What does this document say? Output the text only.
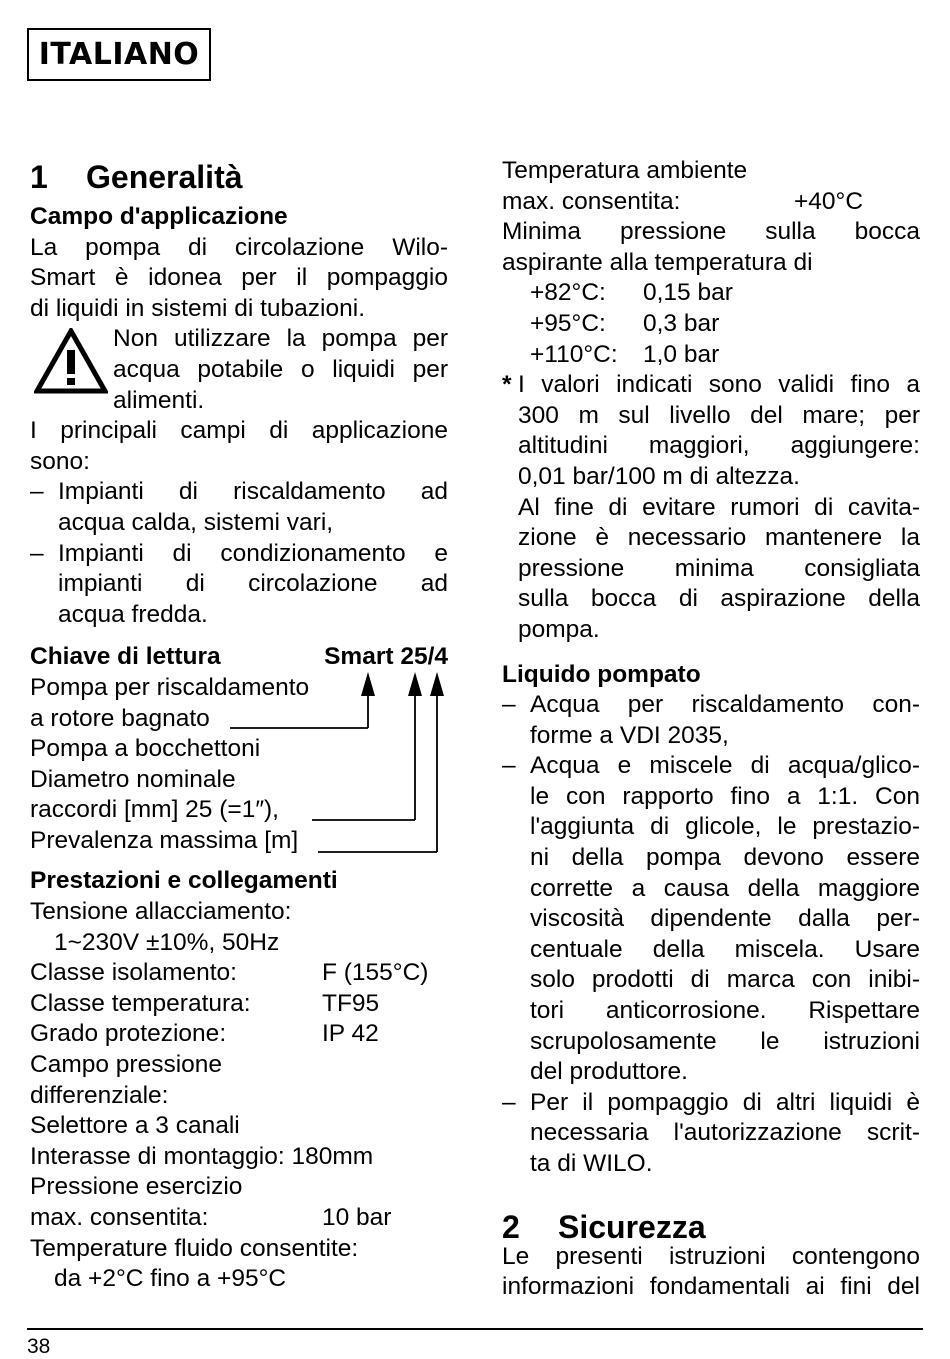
ITALIANO
1 Generalità
Campo d'applicazione
La pompa di circolazione Wilo-
Smart è idonea per il pompaggio
di liquidi in sistemi di tubazioni.
Non utilizzare la pompa per
acqua potabile o liquidi per
alimenti.
I principali campi di applicazione
sono:
– Impianti di riscaldamento ad
acqua calda, sistemi vari,
– Impianti di condizionamento e
impianti di circolazione ad
acqua fredda.
Chiave di lettura	Smart 25/4
Pompa per riscaldamento
a rotore bagnato
Pompa a bocchettoni
Diametro nominale
raccordi [mm] 25 (=1″),
Prevalenza massima [m]
Prestazioni e collegamenti
Tensione allacciamento:
1~230V ±10%, 50Hz
Classe isolamento:	F (155°C)
Classe temperatura:	TF95
Grado protezione:	IP 42
Campo pressione
differenziale:
Selettore a 3 canali
Interasse di montaggio: 180mm
Pressione esercizio
max. consentita:	10 bar
Temperature fluido consentite:
da +2°C fino a +95°C
Temperatura ambiente
max. consentita:	+40°C
Minima pressione sulla bocca
aspirante alla temperatura di
+82°C:	0,15 bar
+95°C:	0,3 bar
+110°C:	1,0 bar
* I valori indicati sono validi fino a
300 m sul livello del mare; per
altitudini maggiori, aggiungere:
0,01 bar/100 m di altezza.
Al fine di evitare rumori di cavita-
zione è necessario mantenere la
pressione minima consigliata
sulla bocca di aspirazione della
pompa.
Liquido pompato
– Acqua per riscaldamento con-
forme a VDI 2035,
– Acqua e miscele di acqua/glico-
le con rapporto fino a 1:1. Con
l'aggiunta di glicole, le prestazio-
ni della pompa devono essere
corrette a causa della maggiore
viscosità dipendente dalla per-
centuale della miscela. Usare
solo prodotti di marca con inibi-
tori anticorrosione. Rispettare
scrupolosamente le istruzioni
del produttore.
– Per il pompaggio di altri liquidi è
necessaria l'autorizzazione scrit-
ta di WILO.
2 Sicurezza
Le presenti istruzioni contengono
informazioni fondamentali ai fini del
38
